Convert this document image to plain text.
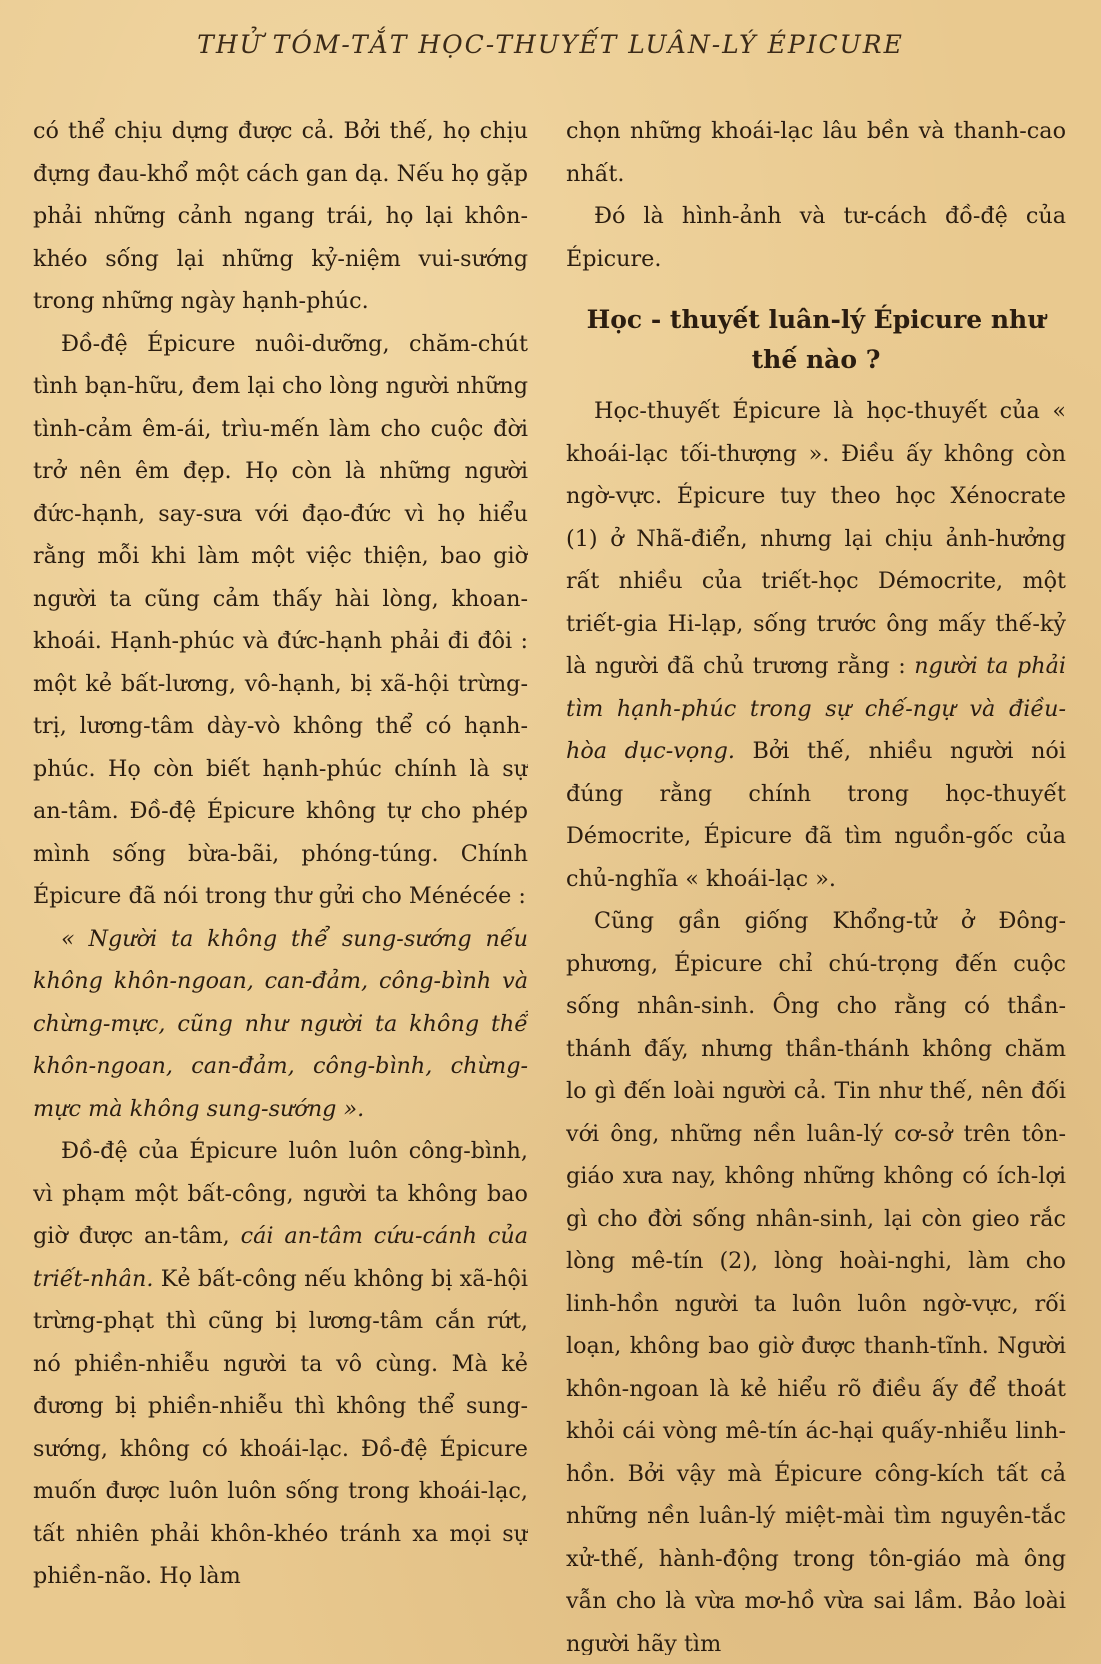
THỬ TÓM-TẮT HỌC-THUYẾT LUÂN-LÝ ÉPICURE

có thể chịu dựng được cả. Bởi thế, họ chịu đựng đau-khổ một cách gan dạ. Nếu họ gặp phải những cảnh ngang trái, họ lại khôn-khéo sống lại những kỷ-niệm vui-sướng trong những ngày hạnh-phúc.

Đồ-đệ Épicure nuôi-dưỡng, chăm-chút tình bạn-hữu, đem lại cho lòng người những tình-cảm êm-ái, trìu-mến làm cho cuộc đời trở nên êm đẹp. Họ còn là những người đức-hạnh, say-sưa với đạo-đức vì họ hiểu rằng mỗi khi làm một việc thiện, bao giờ người ta cũng cảm thấy hài lòng, khoan-khoái. Hạnh-phúc và đức-hạnh phải đi đôi : một kẻ bất-lương, vô-hạnh, bị xã-hội trừng-trị, lương-tâm dày-vò không thể có hạnh-phúc. Họ còn biết hạnh-phúc chính là sự an-tâm. Đồ-đệ Épicure không tự cho phép mình sống bừa-bãi, phóng-túng. Chính Épicure đã nói trong thư gửi cho Ménécée :

« Người ta không thể sung-sướng nếu không khôn-ngoan, can-đảm, công-bình và chừng-mực, cũng như người ta không thể khôn-ngoan, can-đảm, công-bình, chừng-mực mà không sung-sướng ».

Đồ-đệ của Épicure luôn luôn công-bình, vì phạm một bất-công, người ta không bao giờ được an-tâm, cái an-tâm cứu-cánh của triết-nhân. Kẻ bất-công nếu không bị xã-hội trừng-phạt thì cũng bị lương-tâm cắn rứt, nó phiền-nhiễu người ta vô cùng. Mà kẻ đương bị phiền-nhiễu thì không thể sung-sướng, không có khoái-lạc. Đồ-đệ Épicure muốn được luôn luôn sống trong khoái-lạc, tất nhiên phải khôn-khéo tránh xa mọi sự phiền-não. Họ làm

chọn những khoái-lạc lâu bền và thanh-cao nhất.

Đó là hình-ảnh và tư-cách đồ-đệ của Épicure.

Học - thuyết luân-lý Épicure như thế nào ?

Học-thuyết Épicure là học-thuyết của « khoái-lạc tối-thượng ». Điều ấy không còn ngờ-vực. Épicure tuy theo học Xénocrate (1) ở Nhã-điển, nhưng lại chịu ảnh-hưởng rất nhiều của triết-học Démocrite, một triết-gia Hi-lạp, sống trước ông mấy thế-kỷ là người đã chủ trương rằng : người ta phải tìm hạnh-phúc trong sự chế-ngự và điều-hòa dục-vọng. Bởi thế, nhiều người nói đúng rằng chính trong học-thuyết Démocrite, Épicure đã tìm nguồn-gốc của chủ-nghĩa « khoái-lạc ».

Cũng gần giống Khổng-tử ở Đông-phương, Épicure chỉ chú-trọng đến cuộc sống nhân-sinh. Ông cho rằng có thần-thánh đấy, nhưng thần-thánh không chăm lo gì đến loài người cả. Tin như thế, nên đối với ông, những nền luân-lý cơ-sở trên tôn-giáo xưa nay, không những không có ích-lợi gì cho đời sống nhân-sinh, lại còn gieo rắc lòng mê-tín (2), lòng hoài-nghi, làm cho linh-hồn người ta luôn luôn ngờ-vực, rối loạn, không bao giờ được thanh-tĩnh. Người khôn-ngoan là kẻ hiểu rõ điều ấy để thoát khỏi cái vòng mê-tín ác-hại quấy-nhiễu linh-hồn. Bởi vậy mà Épicure công-kích tất cả những nền luân-lý miệt-mài tìm nguyên-tắc xử-thế, hành-động trong tôn-giáo mà ông vẫn cho là vừa mơ-hồ vừa sai lầm. Bảo loài người hãy tìm
